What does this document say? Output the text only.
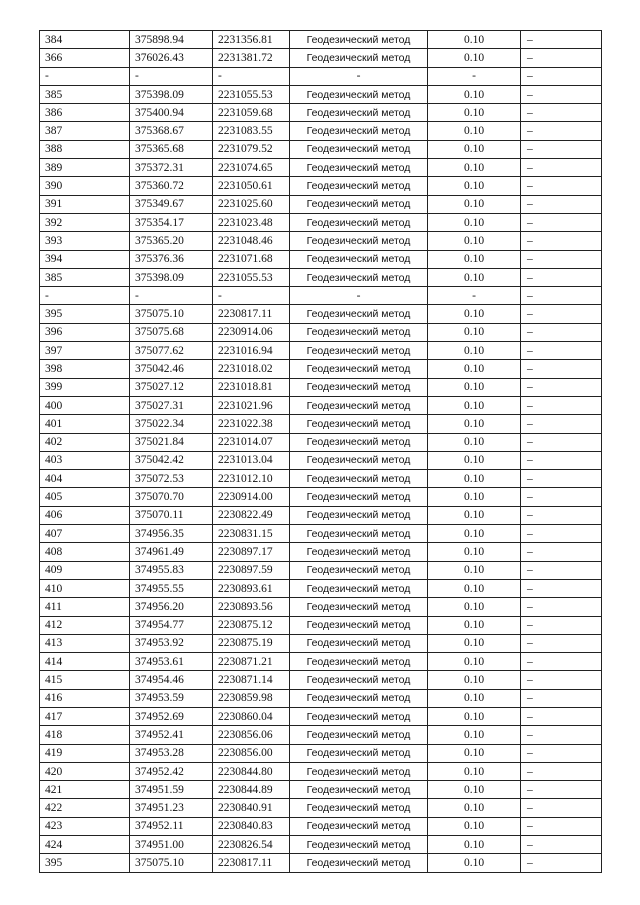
384	375898.94	2231356.81	Геодезический метод	0.10	–
366	376026.43	2231381.72	Геодезический метод	0.10	–
-	-	-	-	-	–
385	375398.09	2231055.53	Геодезический метод	0.10	–
386	375400.94	2231059.68	Геодезический метод	0.10	–
387	375368.67	2231083.55	Геодезический метод	0.10	–
388	375365.68	2231079.52	Геодезический метод	0.10	–
389	375372.31	2231074.65	Геодезический метод	0.10	–
390	375360.72	2231050.61	Геодезический метод	0.10	–
391	375349.67	2231025.60	Геодезический метод	0.10	–
392	375354.17	2231023.48	Геодезический метод	0.10	–
393	375365.20	2231048.46	Геодезический метод	0.10	–
394	375376.36	2231071.68	Геодезический метод	0.10	–
385	375398.09	2231055.53	Геодезический метод	0.10	–
-	-	-	-	-	–
395	375075.10	2230817.11	Геодезический метод	0.10	–
396	375075.68	2230914.06	Геодезический метод	0.10	–
397	375077.62	2231016.94	Геодезический метод	0.10	–
398	375042.46	2231018.02	Геодезический метод	0.10	–
399	375027.12	2231018.81	Геодезический метод	0.10	–
400	375027.31	2231021.96	Геодезический метод	0.10	–
401	375022.34	2231022.38	Геодезический метод	0.10	–
402	375021.84	2231014.07	Геодезический метод	0.10	–
403	375042.42	2231013.04	Геодезический метод	0.10	–
404	375072.53	2231012.10	Геодезический метод	0.10	–
405	375070.70	2230914.00	Геодезический метод	0.10	–
406	375070.11	2230822.49	Геодезический метод	0.10	–
407	374956.35	2230831.15	Геодезический метод	0.10	–
408	374961.49	2230897.17	Геодезический метод	0.10	–
409	374955.83	2230897.59	Геодезический метод	0.10	–
410	374955.55	2230893.61	Геодезический метод	0.10	–
411	374956.20	2230893.56	Геодезический метод	0.10	–
412	374954.77	2230875.12	Геодезический метод	0.10	–
413	374953.92	2230875.19	Геодезический метод	0.10	–
414	374953.61	2230871.21	Геодезический метод	0.10	–
415	374954.46	2230871.14	Геодезический метод	0.10	–
416	374953.59	2230859.98	Геодезический метод	0.10	–
417	374952.69	2230860.04	Геодезический метод	0.10	–
418	374952.41	2230856.06	Геодезический метод	0.10	–
419	374953.28	2230856.00	Геодезический метод	0.10	–
420	374952.42	2230844.80	Геодезический метод	0.10	–
421	374951.59	2230844.89	Геодезический метод	0.10	–
422	374951.23	2230840.91	Геодезический метод	0.10	–
423	374952.11	2230840.83	Геодезический метод	0.10	–
424	374951.00	2230826.54	Геодезический метод	0.10	–
395	375075.10	2230817.11	Геодезический метод	0.10	–
